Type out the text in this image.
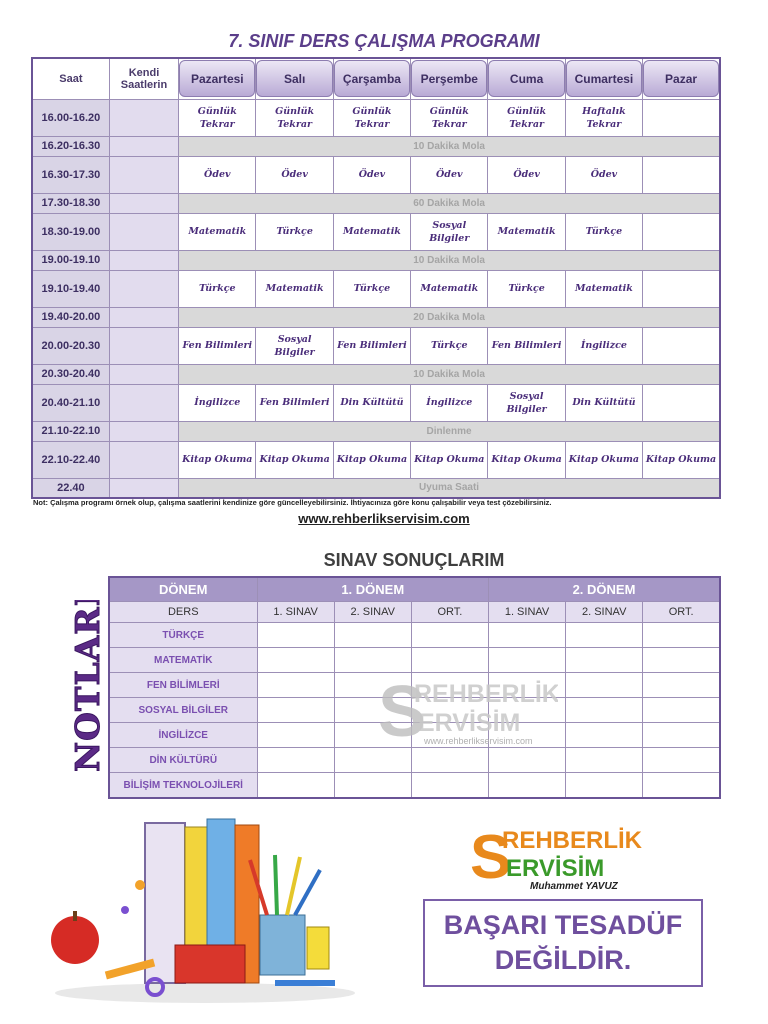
7. SINIF DERS ÇALIŞMA PROGRAMI
Saat	Kendi Saatlerin	Pazartesi	Salı	Çarşamba	Perşembe	Cuma	Cumartesi	Pazar

16.00-16.20		Günlük Tekrar	Günlük Tekrar	Günlük Tekrar	Günlük Tekrar	Günlük Tekrar	Haftalık Tekrar	
16.20-16.30		10 Dakika Mola						
16.30-17.30		Ödev	Ödev	Ödev	Ödev	Ödev	Ödev	
17.30-18.30		60 Dakika Mola						
18.30-19.00		Matematik	Türkçe	Matematik	Sosyal Bilgiler	Matematik	Türkçe	
19.00-19.10		10 Dakika Mola						
19.10-19.40		Türkçe	Matematik	Türkçe	Matematik	Türkçe	Matematik	
19.40-20.00		20 Dakika Mola						
20.00-20.30		Fen Bilimleri	Sosyal Bilgiler	Fen Bilimleri	Türkçe	Fen Bilimleri	İngilizce	
20.30-20.40		10 Dakika Mola						
20.40-21.10		İngilizce	Fen Bilimleri	Din Kültütü	İngilizce	Sosyal Bilgiler	Din Kültütü	
21.10-22.10		Dinlenme						
22.10-22.40		Kitap Okuma	Kitap Okuma	Kitap Okuma	Kitap Okuma	Kitap Okuma	Kitap Okuma	Kitap Okuma
22.40		Uyuma Saati						
Not: Çalışma programı örnek olup, çalışma saatlerini kendinize göre güncelleyebilirsiniz. İhtiyacınıza göre konu çalışabilir veya test çözebilirsiniz.
www.rehberlikservisim.com
SINAV SONUÇLARIM
NOTLARIM	DÖNEM	1. DÖNEM			2. DÖNEM		
DERS	1. SINAV	2. SINAV	ORT.	1. SINAV	2. SINAV	ORT.
TÜRKÇE						
MATEMATİK						
FEN BİLİMLERİ						
SOSYAL BİLGİLER						
İNGİLİZCE						
DİN KÜLTÜRÜ						
BİLİŞİM TEKNOLOJİLERİ						
S
REHBERLİK
ERVİSİM
www.rehberlikservisim.com
S
REHBERLİK
ERVİSİM
Muhammet YAVUZ
BAŞARI TESADÜF
DEĞİLDİR.
